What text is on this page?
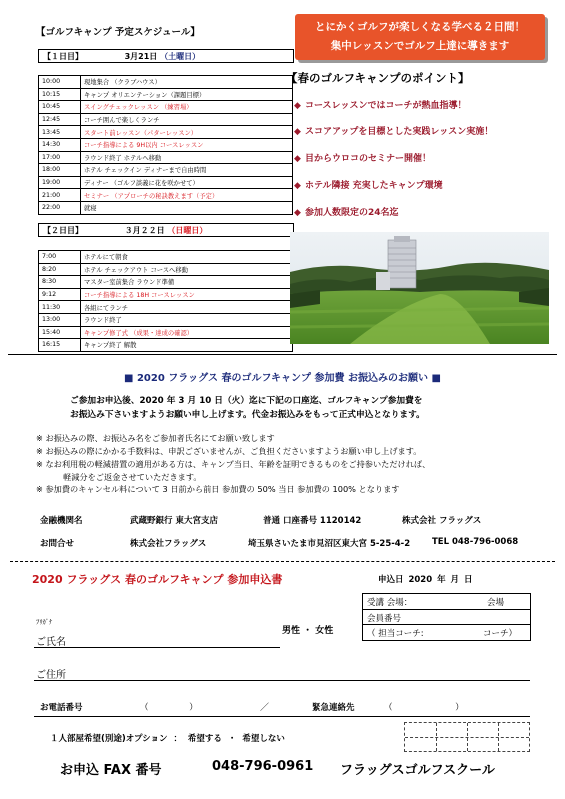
【ゴルフキャンプ 予定スケジュール】
【１日目】	3月21日 （土曜日）
10:00	現地集合 （クラブハウス）
10:15	キャンプ オリエンテーション（課題目標）
10:45	スイングチェックレッスン （練習場）
12:45	コーチ囲んで楽しくランチ
13:45	スタート前レッスン（パターレッスン）
14:30	コーチ指導による 9H以内 コースレッスン
17:00	ラウンド終了 ホテルへ移動
18:00	ホテル チェックイン ディナーまで自由時間
19:00	ディナー （ゴルフ談義に花を咲かせて）
21:00	セミナー （アプローチの秘訣教えます（予定）
22:00	就寝
【２日目】	３月２２日 （日曜日）
7:00	ホテルにて朝食
8:20	ホテル チェックアウト コースへ移動
8:30	マスター室前集合 ラウンド準備
9:12	コーチ指導による 18H コースレッスン
11:30	各組にてランチ
13:00	ラウンド終了
15:40	キャンプ修了式 （成果・達成の確認）
16:15	キャンプ終了 解散
とにかくゴルフが楽しくなる学べる２日間！
集中レッスンでゴルフ上達に導きます
【春のゴルフキャンプのポイント】
◆ コースレッスンではコーチが熱血指導！
◆ スコアアップを目標とした実践レッスン実施！
◆ 目からウロコのセミナー開催！
◆ ホテル隣接 充実したキャンプ環境
◆ 参加人数限定の24名迄
■ 2020 フラッグス 春のゴルフキャンプ 参加費 お振込みのお願い ■
ご参加お申込後、2020 年 3 月 10 日（火）迄に下記の口座迄、ゴルフキャンプ参加費を
お振込み下さいますようお願い申し上げます。代金お振込みをもって正式申込となります。
※ お振込みの際、お振込み名をご参加者氏名にてお願い致します
※ お振込みの際にかかる手数料は、申訳ございませんが、ご負担くださいますようお願い申し上げます。
※ なお利用税の軽減措置の適用がある方は、キャンプ当日、年齢を証明できるものをご持参いただければ、
軽減分をご返金させていただきます。
※ 参加費のキャンセル料について 3 日前から前日 参加費の 50% 当日 参加費の 100% となります
金融機関名	武蔵野銀行 東大宮支店	普通 口座番号 1120142	株式会社 フラッグス
お問合せ	株式会社フラッグス	埼玉県さいたま市見沼区東大宮 5-25-4-2	TEL 048-796-0068
2020 フラッグス 春のゴルフキャンプ 参加申込書	申込日 2020 年 月 日
受講 会場：	会場
会員番号
（ 担当コーチ:	コーチ）
ﾌﾘｶﾞﾅ
ご氏名
男性 ・ 女性
ご住所
お電話番号	（ ）	／	緊急連絡先	（ ）
１人部屋希望(別途)オプション ： 希望する ・ 希望しない
お申込 FAX 番号	048-796-0961 フラッグスゴルフスクール
